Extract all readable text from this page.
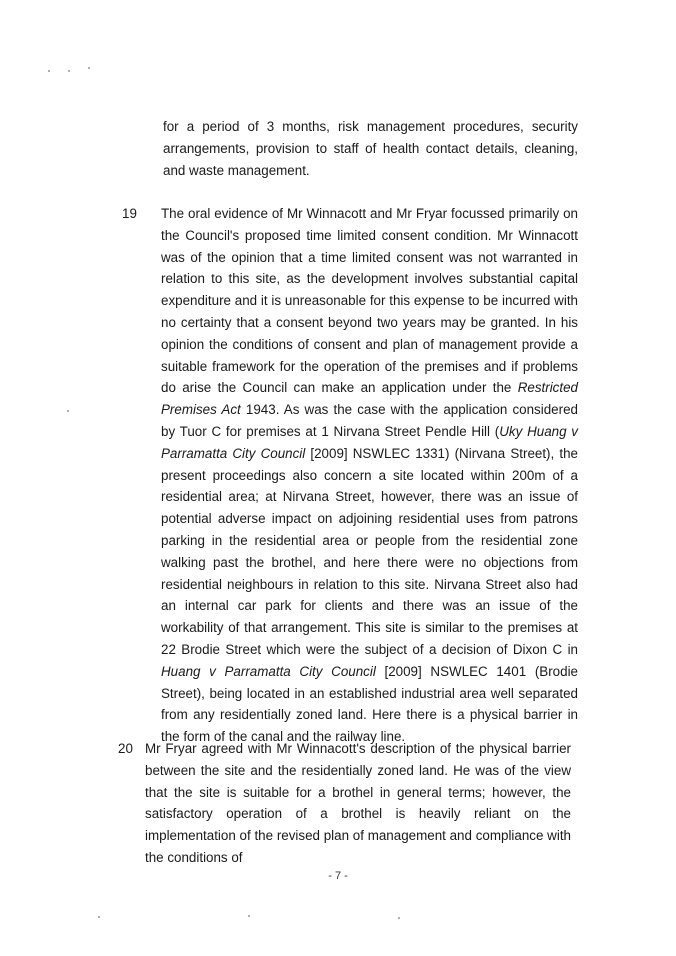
for a period of 3 months, risk management procedures, security arrangements, provision to staff of health contact details, cleaning, and waste management.

19 The oral evidence of Mr Winnacott and Mr Fryar focussed primarily on the Council's proposed time limited consent condition. Mr Winnacott was of the opinion that a time limited consent was not warranted in relation to this site, as the development involves substantial capital expenditure and it is unreasonable for this expense to be incurred with no certainty that a consent beyond two years may be granted. In his opinion the conditions of consent and plan of management provide a suitable framework for the operation of the premises and if problems do arise the Council can make an application under the Restricted Premises Act 1943. As was the case with the application considered by Tuor C for premises at 1 Nirvana Street Pendle Hill (Uky Huang v Parramatta City Council [2009] NSWLEC 1331) (Nirvana Street), the present proceedings also concern a site located within 200m of a residential area; at Nirvana Street, however, there was an issue of potential adverse impact on adjoining residential uses from patrons parking in the residential area or people from the residential zone walking past the brothel, and here there were no objections from residential neighbours in relation to this site. Nirvana Street also had an internal car park for clients and there was an issue of the workability of that arrangement. This site is similar to the premises at 22 Brodie Street which were the subject of a decision of Dixon C in Huang v Parramatta City Council [2009] NSWLEC 1401 (Brodie Street), being located in an established industrial area well separated from any residentially zoned land. Here there is a physical barrier in the form of the canal and the railway line.

20 Mr Fryar agreed with Mr Winnacott's description of the physical barrier between the site and the residentially zoned land. He was of the view that the site is suitable for a brothel in general terms; however, the satisfactory operation of a brothel is heavily reliant on the implementation of the revised plan of management and compliance with the conditions of

- 7 -
